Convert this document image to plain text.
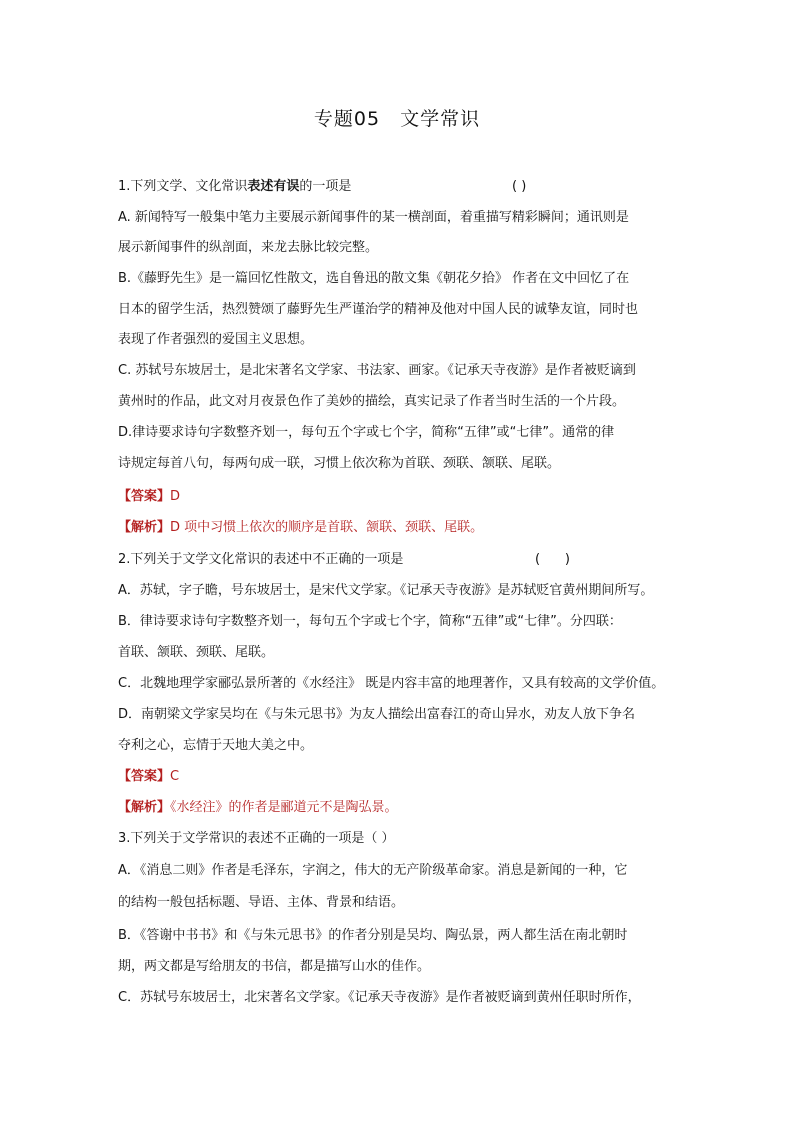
专题05　文学常识
1.下列文学、文化常识表述有误的一项是	( )
A. 新闻特写一般集中笔力主要展示新闻事件的某一横剖面，着重描写精彩瞬间；通讯则是
展示新闻事件的纵剖面，来龙去脉比较完整。
B.《藤野先生》是一篇回忆性散文，选自鲁迅的散文集《朝花夕拾》 作者在文中回忆了在
日本的留学生活，热烈赞颂了藤野先生严谨治学的精神及他对中国人民的诚挚友谊，同时也
表现了作者强烈的爱国主义思想。
C. 苏轼号东坡居士，是北宋著名文学家、书法家、画家。《记承天寺夜游》是作者被贬谪到
黄州时的作品，此文对月夜景色作了美妙的描绘，真实记录了作者当时生活的一个片段。
D.律诗要求诗句字数整齐划一，每句五个字或七个字，简称“五律”或“七律”。通常的律
诗规定每首八句，每两句成一联，习惯上依次称为首联、颈联、颔联、尾联。
【答案】D
【解析】D 项中习惯上依次的顺序是首联、颔联、颈联、尾联。
2.下列关于文学文化常识的表述中不正确的一项是	(      )
A．苏轼，字子瞻，号东坡居士，是宋代文学家。《记承天寺夜游》是苏轼贬官黄州期间所写。
B．律诗要求诗句字数整齐划一，每句五个字或七个字，简称“五律”或“七律”。分四联：
首联、颔联、颈联、尾联。
C．北魏地理学家郦弘景所著的《水经注》 既是内容丰富的地理著作，又具有较高的文学价值。
D．南朝梁文学家吴均在《与朱元思书》为友人描绘出富春江的奇山异水，劝友人放下争名
夺利之心，忘情于天地大美之中。
【答案】C
【解析】《水经注》的作者是郦道元不是陶弘景。
3.下列关于文学常识的表述不正确的一项是（ ）
A．《消息二则》作者是毛泽东，字润之，伟大的无产阶级革命家。消息是新闻的一种，它
的结构一般包括标题、导语、主体、背景和结语。
B．《答谢中书书》和《与朱元思书》的作者分别是吴均、陶弘景，两人都生活在南北朝时
期，两文都是写给朋友的书信，都是描写山水的佳作。
C．苏轼号东坡居士，北宋著名文学家。《记承天寺夜游》是作者被贬谪到黄州任职时所作，
